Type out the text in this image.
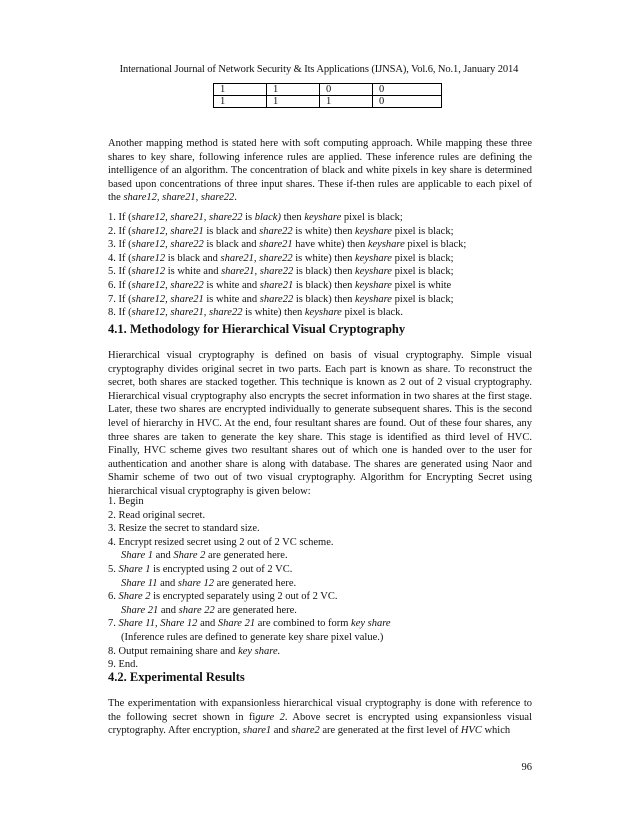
International Journal of Network Security & Its Applications (IJNSA), Vol.6, No.1, January 2014
1	1	0	0
1	1	1	0
Another mapping method is stated here with soft computing approach. While mapping these three shares to key share, following inference rules are applied. These inference rules are defining the intelligence of an algorithm. The concentration of black and white pixels in key share is determined based upon concentrations of three input shares. These if-then rules are applicable to each pixel of the share12, share21, share22.
1. If (share12, share21, share22 is black) then keyshare pixel is black;
2. If (share12, share21 is black and share22 is white) then keyshare pixel is black;
3. If (share12, share22 is black and share21 have white) then keyshare pixel is black;
4. If (share12 is black and share21, share22 is white) then keyshare pixel is black;
5. If (share12 is white and share21, share22 is black) then keyshare pixel is black;
6. If (share12, share22 is white and share21 is black) then keyshare pixel is white
7. If (share12, share21 is white and share22 is black) then keyshare pixel is black;
8. If (share12, share21, share22 is white) then keyshare pixel is black.
4.1. Methodology for Hierarchical Visual Cryptography
Hierarchical visual cryptography is defined on basis of visual cryptography. Simple visual cryptography divides original secret in two parts. Each part is known as share. To reconstruct the secret, both shares are stacked together. This technique is known as 2 out of 2 visual cryptography. Hierarchical visual cryptography also encrypts the secret information in two shares at the first stage. Later, these two shares are encrypted individually to generate subsequent shares. This is the second level of hierarchy in HVC. At the end, four resultant shares are found. Out of these four shares, any three shares are taken to generate the key share. This stage is identified as third level of HVC. Finally, HVC scheme gives two resultant shares out of which one is handed over to the user for authentication and another share is along with database. The shares are generated using Naor and Shamir scheme of two out of two visual cryptography. Algorithm for Encrypting Secret using hierarchical visual cryptography is given below:
1. Begin
2. Read original secret.
3. Resize the secret to standard size.
4. Encrypt resized secret using 2 out of 2 VC scheme.
Share 1 and Share 2 are generated here.
5. Share 1 is encrypted using 2 out of 2 VC.
Share 11 and share 12 are generated here.
6. Share 2 is encrypted separately using 2 out of 2 VC.
Share 21 and share 22 are generated here.
7. Share 11, Share 12 and Share 21 are combined to form key share
(Inference rules are defined to generate key share pixel value.)
8. Output remaining share and key share.
9. End.
4.2. Experimental Results
The experimentation with expansionless hierarchical visual cryptography is done with reference to the following secret shown in figure 2. Above secret is encrypted using expansionless visual cryptography. After encryption, share1 and share2 are generated at the first level of HVC which
96
